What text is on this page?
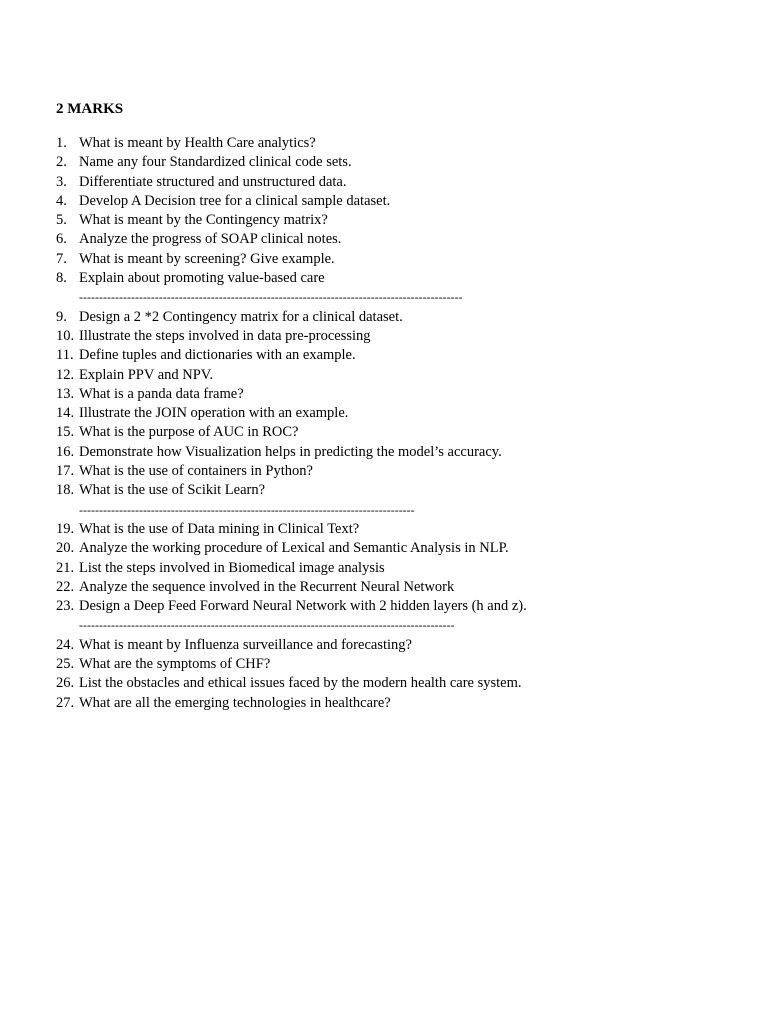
2 MARKS
1. What is meant by Health Care analytics?
2. Name any four Standardized clinical code sets.
3. Differentiate structured and unstructured data.
4. Develop A Decision tree for a clinical sample dataset.
5. What is meant by the Contingency matrix?
6. Analyze the progress of SOAP clinical notes.
7. What is meant by screening? Give example.
8. Explain about promoting value-based care
------------------------------------------------------------------------------------------------
9. Design a 2 *2 Contingency matrix for a clinical dataset.
10. Illustrate the steps involved in data pre-processing
11. Define tuples and dictionaries with an example.
12. Explain PPV and NPV.
13. What is a panda data frame?
14. Illustrate the JOIN operation with an example.
15. What is the purpose of AUC in ROC?
16. Demonstrate how Visualization helps in predicting the model’s accuracy.
17. What is the use of containers in Python?
18. What is the use of Scikit Learn?
------------------------------------------------------------------------------------
19. What is the use of Data mining in Clinical Text?
20. Analyze the working procedure of Lexical and Semantic Analysis in NLP.
21. List the steps involved in Biomedical image analysis
22. Analyze the sequence involved in the Recurrent Neural Network
23. Design a Deep Feed Forward Neural Network with 2 hidden layers (h and z).
----------------------------------------------------------------------------------------------
24. What is meant by Influenza surveillance and forecasting?
25. What are the symptoms of CHF?
26. List the obstacles and ethical issues faced by the modern health care system.
27. What are all the emerging technologies in healthcare?
